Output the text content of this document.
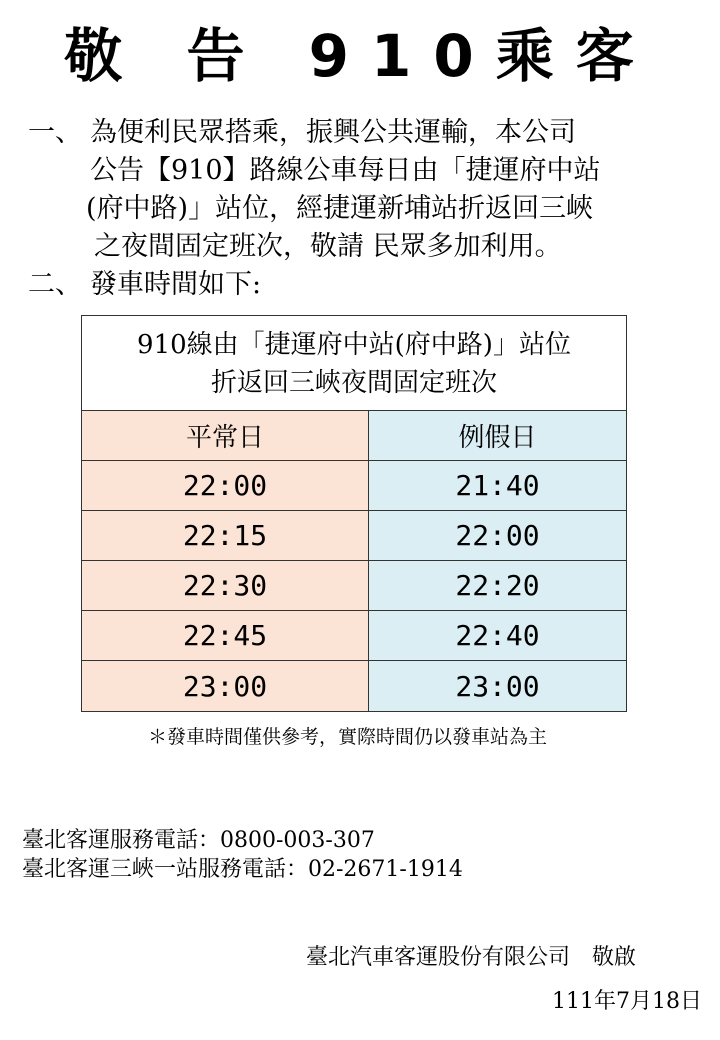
敬 告 910乘客
一、 為便利民眾搭乘，振興公共運輸，本公司
公告【910】路線公車每日由「捷運府中站
(府中路)」站位，經捷運新埔站折返回三峽
之夜間固定班次，敬請 民眾多加利用。
二、 發車時間如下:
910線由「捷運府中站(府中路)」站位
折返回三峽夜間固定班次
平常日	例假日
22:00	21:40
22:15	22:00
22:30	22:20
22:45	22:40
23:00	23:00
＊發車時間僅供參考，實際時間仍以發車站為主
臺北客運服務電話：0800-003-307
臺北客運三峽一站服務電話：02-2671-1914
臺北汽車客運股份有限公司　敬啟
111年7月18日
